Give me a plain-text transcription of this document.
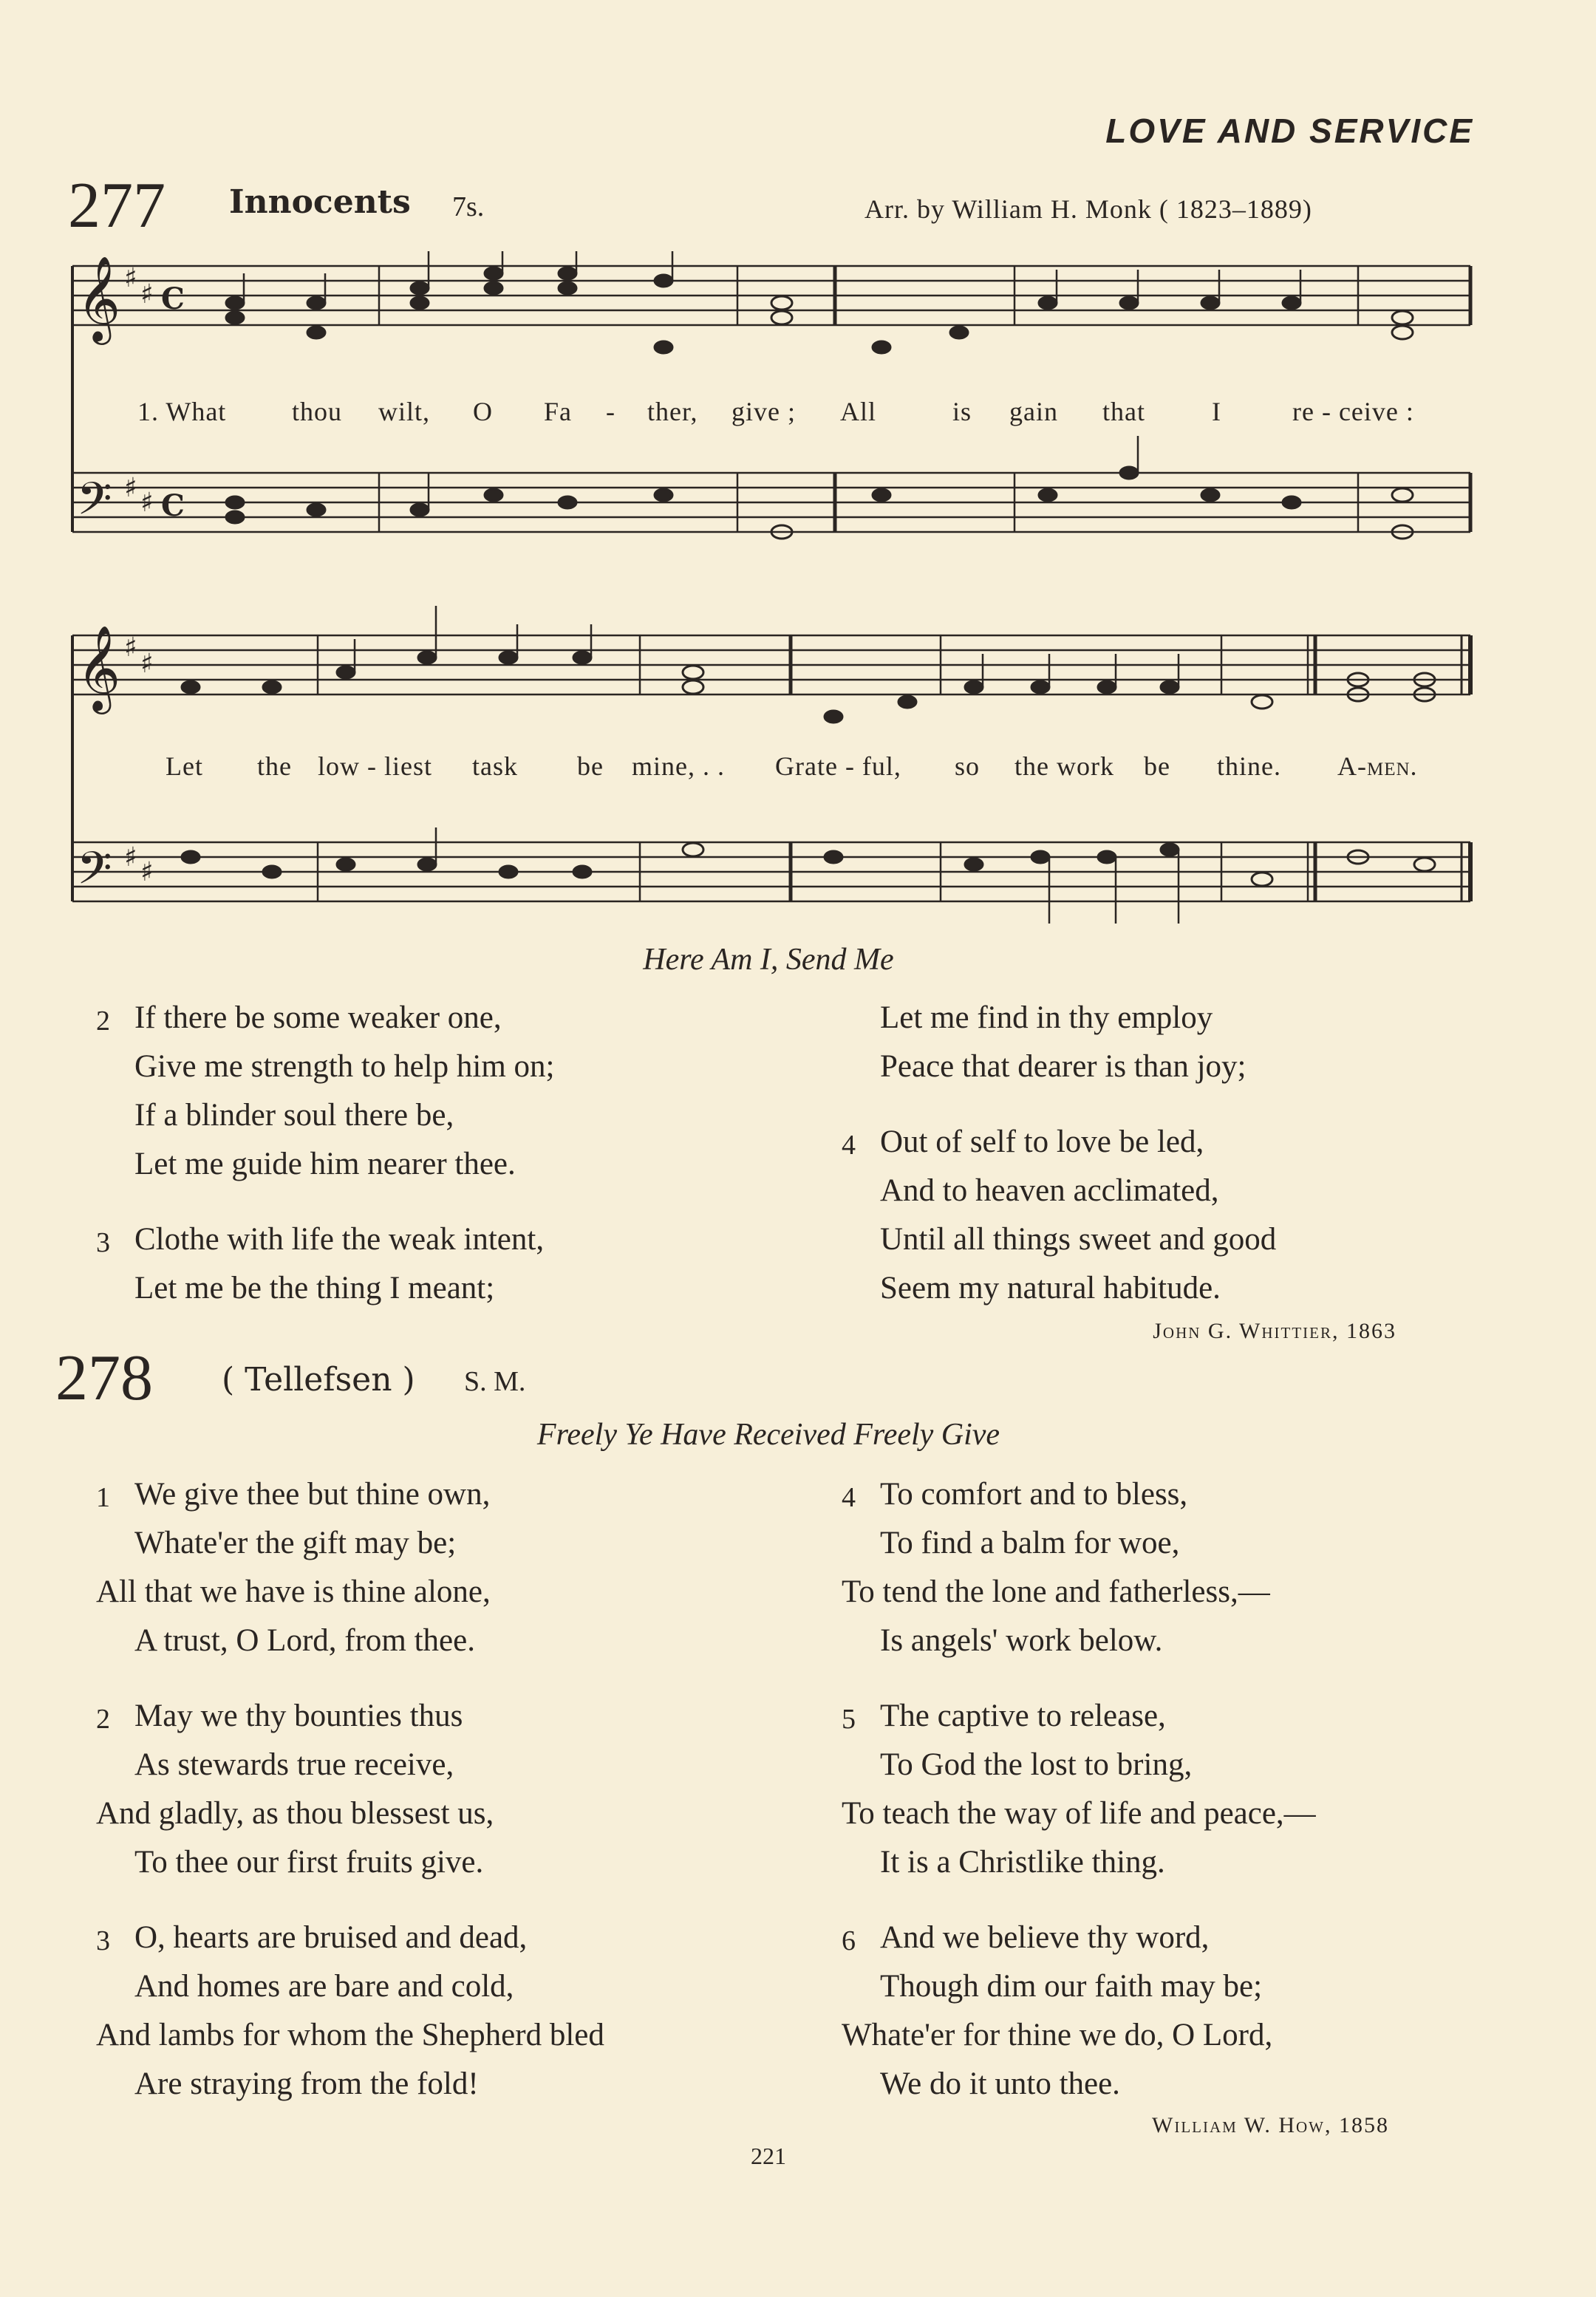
LOVE AND SERVICE
277 Innocents 7s.	Arr. by William H. Monk ( 1823–1889)
𝄞
𝄢
♯
♯
♯ ♯
C
C
1. What thou wilt, O Fa - ther, give ; All	is gain that	I	re - ceive :
𝄞
𝄢
♯
♯
♯ ♯
Let the low - liest task be mine, . . Grate - ful, so the work be thine. A-men.
Here Am I, Send Me
2 If there be some weaker one,
Give me strength to help him on;
If a blinder soul there be,
Let me guide him nearer thee.
3 Clothe with life the weak intent,
Let me be the thing I meant;
Let me find in thy employ
Peace that dearer is than joy;
4 Out of self to love be led,
And to heaven acclimated,
Until all things sweet and good
Seem my natural habitude.
John G. Whittier, 1863
278 ( Tellefsen ) S. M.
Freely Ye Have Received Freely Give
1 We give thee but thine own,
Whate'er the gift may be;
All that we have is thine alone,
A trust, O Lord, from thee.
2 May we thy bounties thus
As stewards true receive,
And gladly, as thou blessest us,
To thee our first fruits give.
3 O, hearts are bruised and dead,
And homes are bare and cold,
And lambs for whom the Shepherd bled
Are straying from the fold!
4 To comfort and to bless,
To find a balm for woe,
To tend the lone and fatherless,—
Is angels' work below.
5 The captive to release,
To God the lost to bring,
To teach the way of life and peace,—
It is a Christlike thing.
6 And we believe thy word,
Though dim our faith may be;
Whate'er for thine we do, O Lord,
We do it unto thee.
William W. How, 1858
221
